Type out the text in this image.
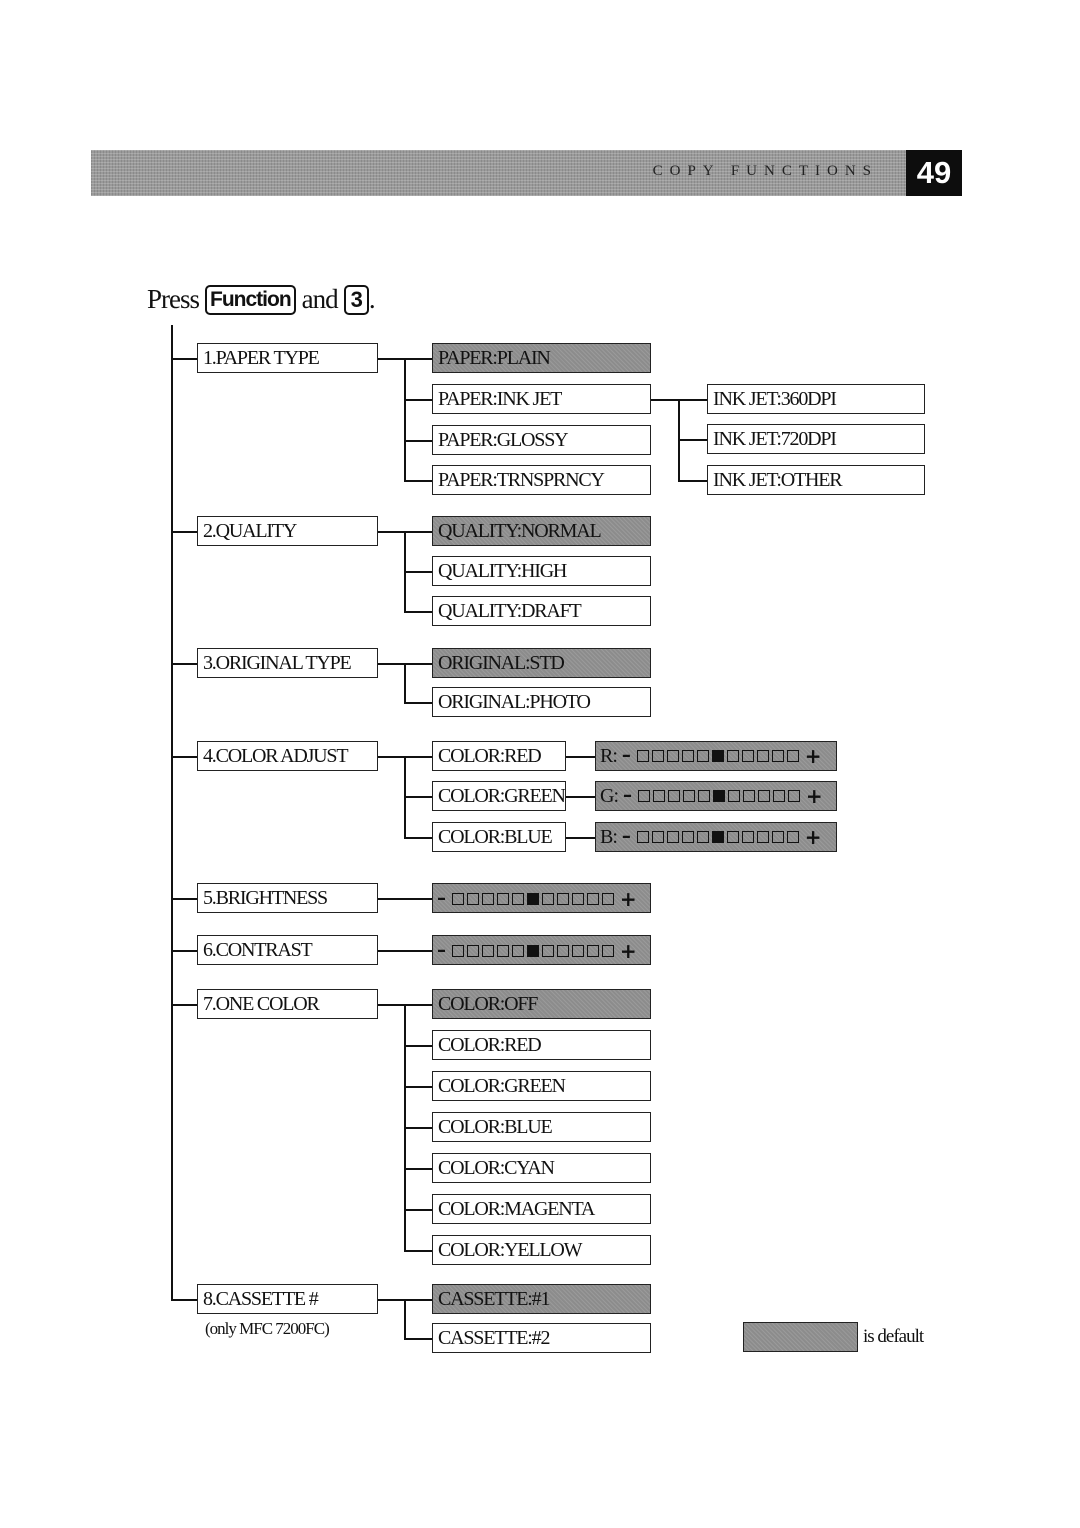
COPY FUNCTIONS	49
Press Function and 3 .
1.PAPER TYPE	PAPER:PLAIN
PAPER:INK JET
PAPER:GLOSSY
PAPER:TRNSPRNCY
INK JET:360DPI
INK JET:720DPI
INK JET:OTHER
2.QUALITY	QUALITY:NORMAL
QUALITY:HIGH
QUALITY:DRAFT
3.ORIGINAL TYPE	ORIGINAL:STD
ORIGINAL:PHOTO
4.COLOR ADJUST	COLOR:RED
COLOR:GREEN
COLOR:BLUE
R: –	+
G: –	+
B: –	+
5.BRIGHTNESS	–	+
6.CONTRAST	–	+
7.ONE COLOR	COLOR:OFF
COLOR:RED
COLOR:GREEN
COLOR:BLUE
COLOR:CYAN
COLOR:MAGENTA
COLOR:YELLOW
8.CASSETTE #
(only MFC 7200FC)
CASSETTE:#1
CASSETTE:#2	is default
